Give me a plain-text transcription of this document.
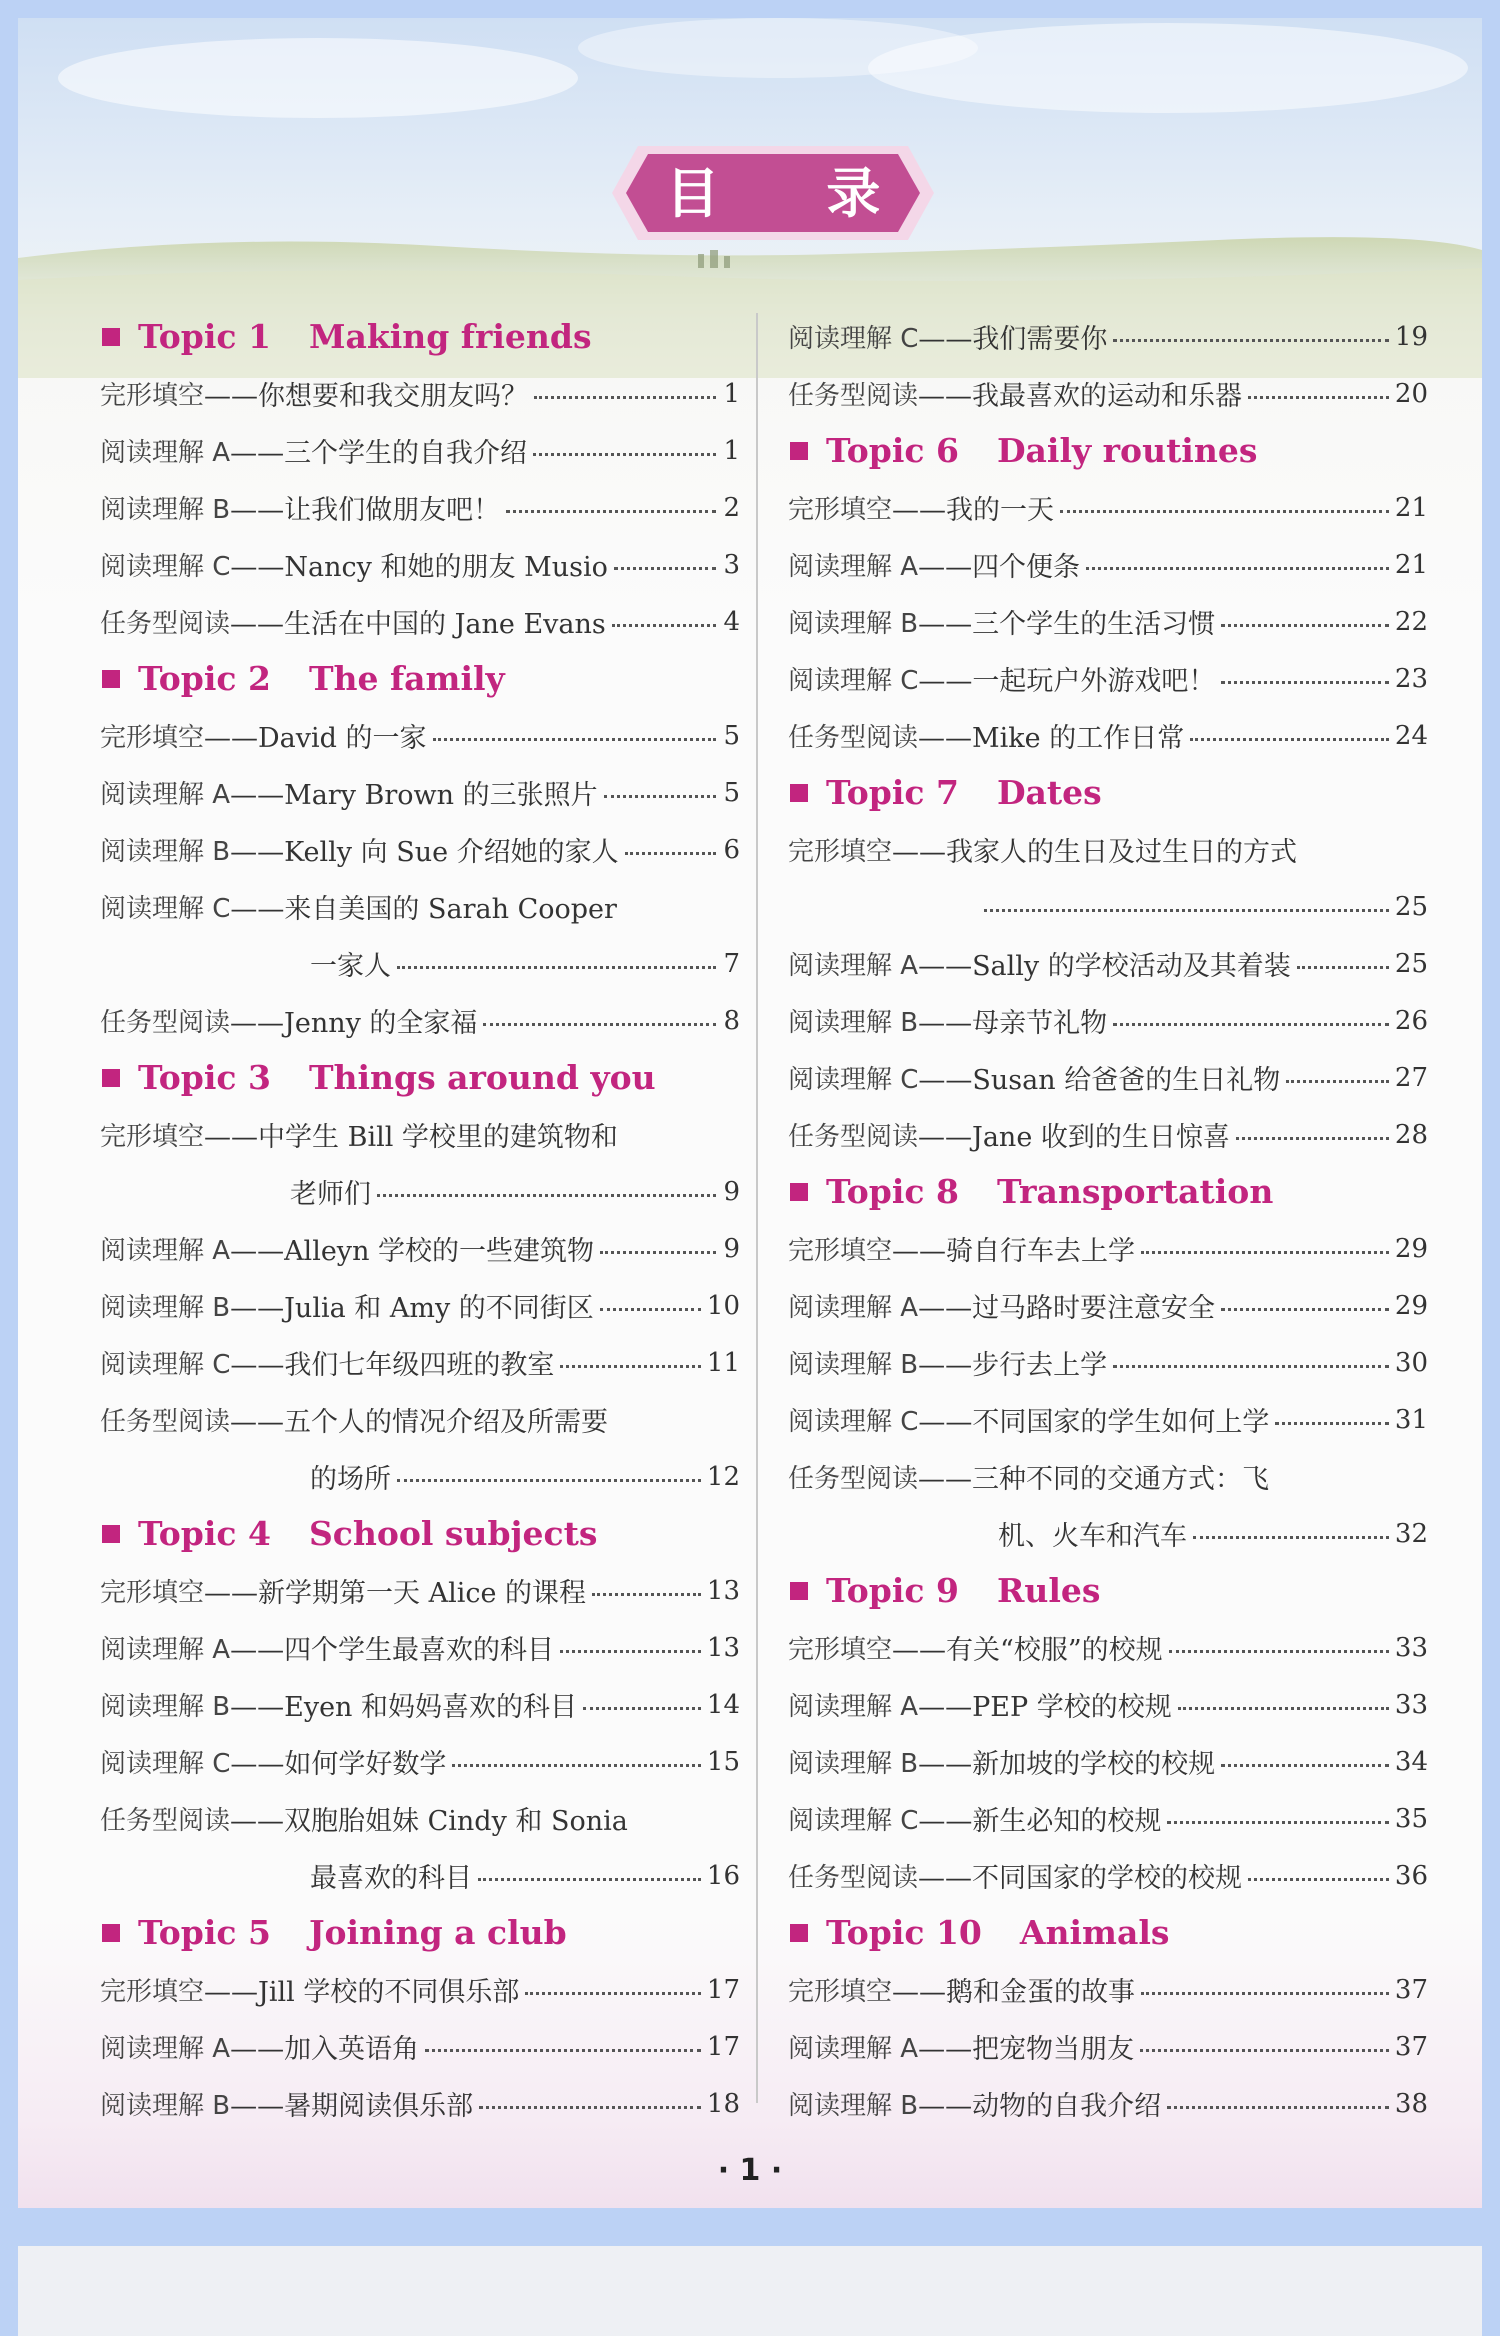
目 录
Topic 1 Making friends
完形填空 ——你想要和我交朋友吗？	1
阅读理解 A ——三个学生的自我介绍	1
阅读理解 B ——让我们做朋友吧！	2
阅读理解 C ——Nancy 和她的朋友 Musio	3
任务型阅读 ——生活在中国的 Jane Evans	4
Topic 2 The family
完形填空 ——David 的一家	5
阅读理解 A ——Mary Brown 的三张照片	5
阅读理解 B ——Kelly 向 Sue 介绍她的家人	6
阅读理解 C ——来自美国的 Sarah Cooper
一家人	7
任务型阅读 ——Jenny 的全家福	8
Topic 3 Things around you
完形填空 ——中学生 Bill 学校里的建筑物和
老师们	9
阅读理解 A ——Alleyn 学校的一些建筑物	9
阅读理解 B ——Julia 和 Amy 的不同街区	10
阅读理解 C ——我们七年级四班的教室	11
任务型阅读 ——五个人的情况介绍及所需要
的场所	12
Topic 4 School subjects
完形填空 ——新学期第一天 Alice 的课程	13
阅读理解 A ——四个学生最喜欢的科目	13
阅读理解 B ——Eyen 和妈妈喜欢的科目	14
阅读理解 C ——如何学好数学	15
任务型阅读 ——双胞胎姐妹 Cindy 和 Sonia
最喜欢的科目	16
Topic 5 Joining a club
完形填空 ——Jill 学校的不同俱乐部	17
阅读理解 A ——加入英语角	17
阅读理解 B ——暑期阅读俱乐部	18
阅读理解 C ——我们需要你	19
任务型阅读 ——我最喜欢的运动和乐器	20
Topic 6 Daily routines
完形填空 ——我的一天	21
阅读理解 A ——四个便条	21
阅读理解 B ——三个学生的生活习惯	22
阅读理解 C ——一起玩户外游戏吧！	23
任务型阅读 ——Mike 的工作日常	24
Topic 7 Dates
完形填空 ——我家人的生日及过生日的方式
25
阅读理解 A ——Sally 的学校活动及其着装	25
阅读理解 B ——母亲节礼物	26
阅读理解 C ——Susan 给爸爸的生日礼物	27
任务型阅读 ——Jane 收到的生日惊喜	28
Topic 8 Transportation
完形填空 ——骑自行车去上学	29
阅读理解 A ——过马路时要注意安全	29
阅读理解 B ——步行去上学	30
阅读理解 C ——不同国家的学生如何上学	31
任务型阅读 ——三种不同的交通方式：飞
机、火车和汽车	32
Topic 9 Rules
完形填空 ——有关“校服”的校规	33
阅读理解 A ——PEP 学校的校规	33
阅读理解 B ——新加坡的学校的校规	34
阅读理解 C ——新生必知的校规	35
任务型阅读 ——不同国家的学校的校规	36
Topic 10 Animals
完形填空 ——鹅和金蛋的故事	37
阅读理解 A ——把宠物当朋友	37
阅读理解 B ——动物的自我介绍	38
· 1 ·
